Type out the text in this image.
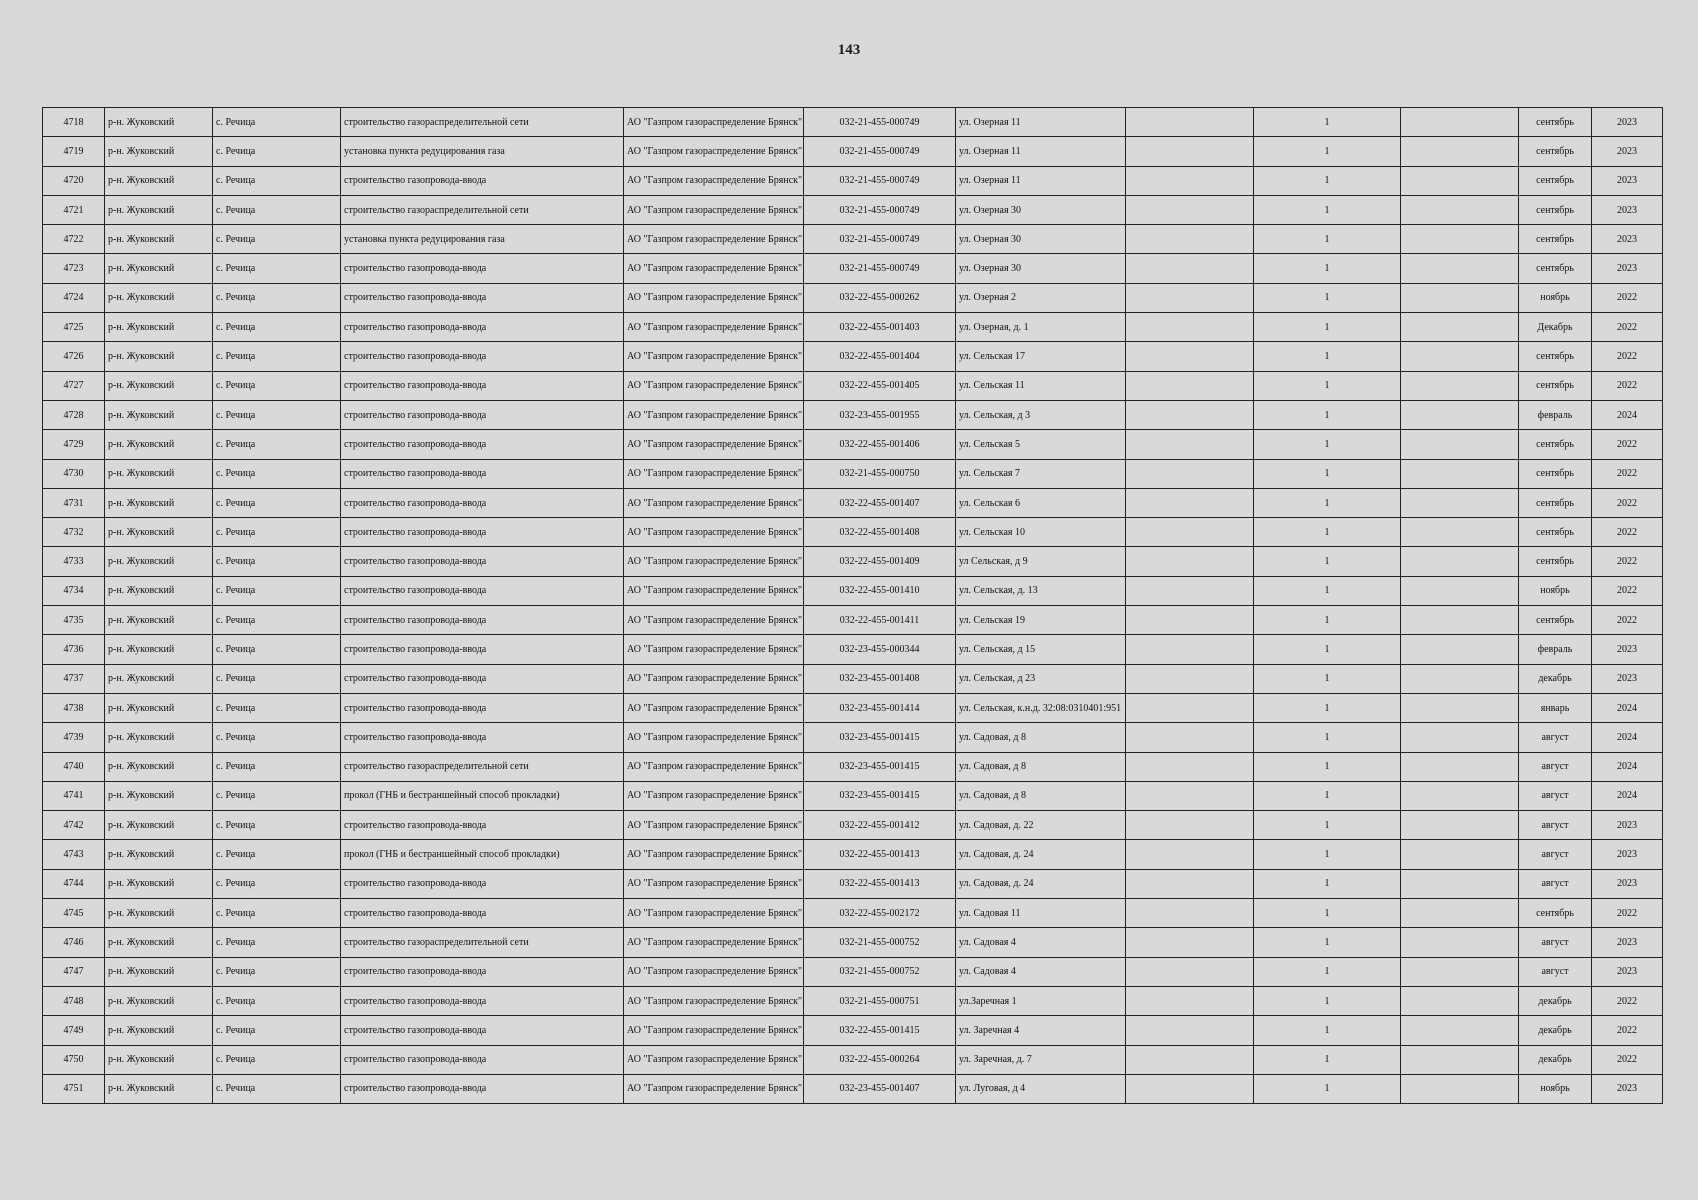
143
4718	р-н. Жуковский	с. Речица	строительство газораспределительной сети	АО "Газпром газораспределение Брянск"	032-21-455-000749	ул. Озерная 11		1		сентябрь	2023
4719	р-н. Жуковский	с. Речица	установка пункта редуцирования газа	АО "Газпром газораспределение Брянск"	032-21-455-000749	ул. Озерная 11		1		сентябрь	2023
4720	р-н. Жуковский	с. Речица	строительство газопровода-ввода	АО "Газпром газораспределение Брянск"	032-21-455-000749	ул. Озерная 11		1		сентябрь	2023
4721	р-н. Жуковский	с. Речица	строительство газораспределительной сети	АО "Газпром газораспределение Брянск"	032-21-455-000749	ул. Озерная 30		1		сентябрь	2023
4722	р-н. Жуковский	с. Речица	установка пункта редуцирования газа	АО "Газпром газораспределение Брянск"	032-21-455-000749	ул. Озерная 30		1		сентябрь	2023
4723	р-н. Жуковский	с. Речица	строительство газопровода-ввода	АО "Газпром газораспределение Брянск"	032-21-455-000749	ул. Озерная 30		1		сентябрь	2023
4724	р-н. Жуковский	с. Речица	строительство газопровода-ввода	АО "Газпром газораспределение Брянск"	032-22-455-000262	ул. Озерная 2		1		ноябрь	2022
4725	р-н. Жуковский	с. Речица	строительство газопровода-ввода	АО "Газпром газораспределение Брянск"	032-22-455-001403	ул. Озерная, д. 1		1		Декабрь	2022
4726	р-н. Жуковский	с. Речица	строительство газопровода-ввода	АО "Газпром газораспределение Брянск"	032-22-455-001404	ул. Сельская 17		1		сентябрь	2022
4727	р-н. Жуковский	с. Речица	строительство газопровода-ввода	АО "Газпром газораспределение Брянск"	032-22-455-001405	ул. Сельская 11		1		сентябрь	2022
4728	р-н. Жуковский	с. Речица	строительство газопровода-ввода	АО "Газпром газораспределение Брянск"	032-23-455-001955	ул. Сельская, д 3		1		февраль	2024
4729	р-н. Жуковский	с. Речица	строительство газопровода-ввода	АО "Газпром газораспределение Брянск"	032-22-455-001406	ул. Сельская 5		1		сентябрь	2022
4730	р-н. Жуковский	с. Речица	строительство газопровода-ввода	АО "Газпром газораспределение Брянск"	032-21-455-000750	ул. Сельская 7		1		сентябрь	2022
4731	р-н. Жуковский	с. Речица	строительство газопровода-ввода	АО "Газпром газораспределение Брянск"	032-22-455-001407	ул. Сельская 6		1		сентябрь	2022
4732	р-н. Жуковский	с. Речица	строительство газопровода-ввода	АО "Газпром газораспределение Брянск"	032-22-455-001408	ул. Сельская 10		1		сентябрь	2022
4733	р-н. Жуковский	с. Речица	строительство газопровода-ввода	АО "Газпром газораспределение Брянск"	032-22-455-001409	ул Сельская, д 9		1		сентябрь	2022
4734	р-н. Жуковский	с. Речица	строительство газопровода-ввода	АО "Газпром газораспределение Брянск"	032-22-455-001410	ул. Сельская, д. 13		1		ноябрь	2022
4735	р-н. Жуковский	с. Речица	строительство газопровода-ввода	АО "Газпром газораспределение Брянск"	032-22-455-001411	ул. Сельская 19		1		сентябрь	2022
4736	р-н. Жуковский	с. Речица	строительство газопровода-ввода	АО "Газпром газораспределение Брянск"	032-23-455-000344	ул. Сельская, д 15		1		февраль	2023
4737	р-н. Жуковский	с. Речица	строительство газопровода-ввода	АО "Газпром газораспределение Брянск"	032-23-455-001408	ул. Сельская, д 23		1		декабрь	2023
4738	р-н. Жуковский	с. Речица	строительство газопровода-ввода	АО "Газпром газораспределение Брянск"	032-23-455-001414	ул. Сельская, к.н.д. 32:08:0310401:951		1		январь	2024
4739	р-н. Жуковский	с. Речица	строительство газопровода-ввода	АО "Газпром газораспределение Брянск"	032-23-455-001415	ул. Садовая, д 8		1		август	2024
4740	р-н. Жуковский	с. Речица	строительство газораспределительной сети	АО "Газпром газораспределение Брянск"	032-23-455-001415	ул. Садовая, д 8		1		август	2024
4741	р-н. Жуковский	с. Речица	прокол (ГНБ и бестраншейный способ прокладки)	АО "Газпром газораспределение Брянск"	032-23-455-001415	ул. Садовая, д 8		1		август	2024
4742	р-н. Жуковский	с. Речица	строительство газопровода-ввода	АО "Газпром газораспределение Брянск"	032-22-455-001412	ул. Садовая, д. 22		1		август	2023
4743	р-н. Жуковский	с. Речица	прокол (ГНБ и бестраншейный способ прокладки)	АО "Газпром газораспределение Брянск"	032-22-455-001413	ул. Садовая, д. 24		1		август	2023
4744	р-н. Жуковский	с. Речица	строительство газопровода-ввода	АО "Газпром газораспределение Брянск"	032-22-455-001413	ул. Садовая, д. 24		1		август	2023
4745	р-н. Жуковский	с. Речица	строительство газопровода-ввода	АО "Газпром газораспределение Брянск"	032-22-455-002172	ул. Садовая 11		1		сентябрь	2022
4746	р-н. Жуковский	с. Речица	строительство газораспределительной сети	АО "Газпром газораспределение Брянск"	032-21-455-000752	ул. Садовая 4		1		август	2023
4747	р-н. Жуковский	с. Речица	строительство газопровода-ввода	АО "Газпром газораспределение Брянск"	032-21-455-000752	ул. Садовая 4		1		август	2023
4748	р-н. Жуковский	с. Речица	строительство газопровода-ввода	АО "Газпром газораспределение Брянск"	032-21-455-000751	ул.Заречная 1		1		декабрь	2022
4749	р-н. Жуковский	с. Речица	строительство газопровода-ввода	АО "Газпром газораспределение Брянск"	032-22-455-001415	ул. Заречная 4		1		декабрь	2022
4750	р-н. Жуковский	с. Речица	строительство газопровода-ввода	АО "Газпром газораспределение Брянск"	032-22-455-000264	ул. Заречная, д. 7		1		декабрь	2022
4751	р-н. Жуковский	с. Речица	строительство газопровода-ввода	АО "Газпром газораспределение Брянск"	032-23-455-001407	ул. Луговая, д 4		1		ноябрь	2023
